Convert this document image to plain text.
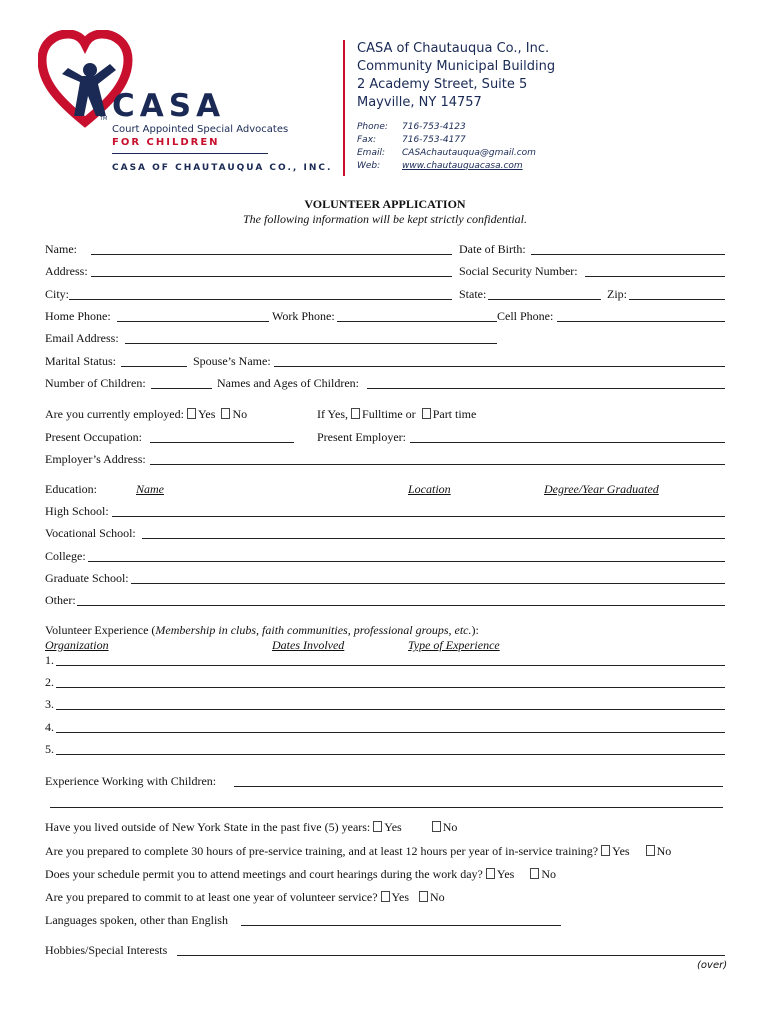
TM CASA
Court Appointed Special Advocates
FOR CHILDREN
CASA OF CHAUTAUQUA CO., INC.
CASA of Chautauqua Co., Inc.
Community Municipal Building
2 Academy Street, Suite 5
Mayville, NY 14757
Phone: 716-753-4123
Fax:	716-753-4177
Email: CASAchautauqua@gmail.com
Web: www.chautauquacasa.com
VOLUNTEER APPLICATION
The following information will be kept strictly confidential.
Name:	Date of Birth:
Address:	Social Security Number:
City:	State:	Zip:
Home Phone:	Work Phone:	Cell Phone:
Email Address:
Marital Status:	Spouse’s Name:
Number of Children:	Names and Ages of Children:
Are you currently employed: Yes No	If Yes, Fulltime or Part time
Present Occupation:	Present Employer:
Employer’s Address:
Education:	Name	Location	Degree/Year Graduated
High School:
Vocational School:
College:
Graduate School:
Other:
Volunteer Experience (Membership in clubs, faith communities, professional groups, etc.):
Organization	Dates Involved	Type of Experience
1.
2.
3.
4.
5.
Experience Working with Children:
Have you lived outside of New York State in the past five (5) years: Yes	No
Are you prepared to complete 30 hours of pre-service training, and at least 12 hours per year of in-service training? Yes No
Does your schedule permit you to attend meetings and court hearings during the work day? Yes No
Are you prepared to commit to at least one year of volunteer service? Yes No
Languages spoken, other than English
Hobbies/Special Interests
(over)
